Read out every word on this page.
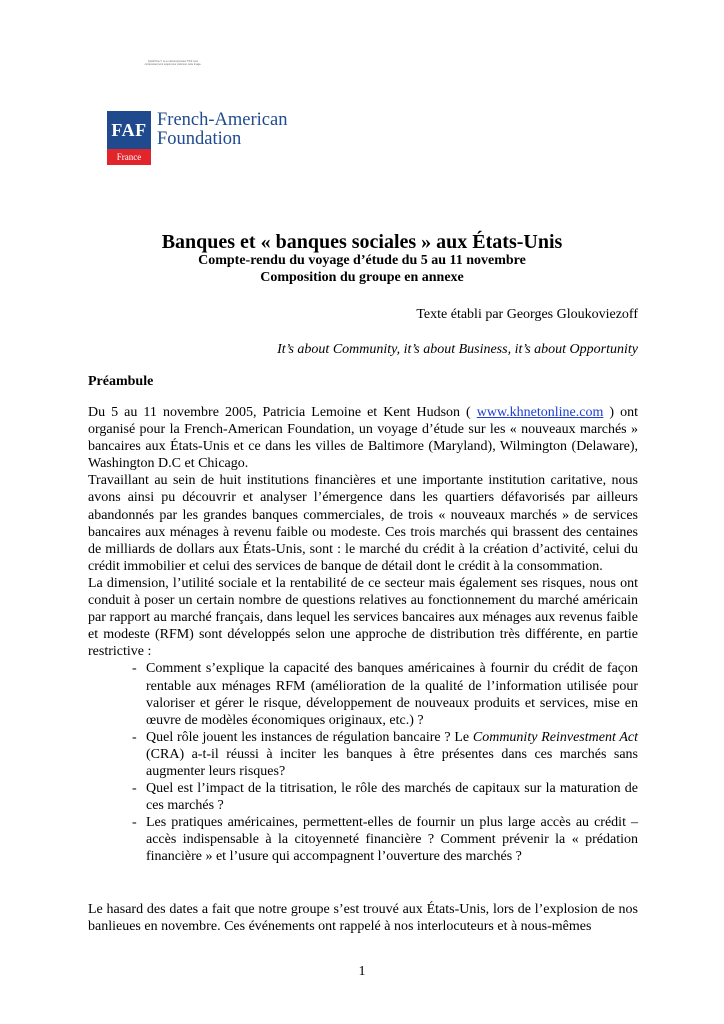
QuickTime™ et un décompresseur TIFF (non compressé) sont requis pour visionner cette image.
FAF
France
French-American
Foundation
Banques et « banques sociales » aux États-Unis
Compte-rendu du voyage d’étude du 5 au 11 novembre
Composition du groupe en annexe
Texte établi par Georges Gloukoviezoff
It’s about Community, it’s about Business, it’s about Opportunity
Préambule

Du 5 au 11 novembre 2005, Patricia Lemoine et Kent Hudson ( www.khnetonline.com ) ont organisé pour la French-American Foundation, un voyage d’étude sur les « nouveaux marchés » bancaires aux États-Unis et ce dans les villes de Baltimore (Maryland), Wilmington (Delaware), Washington D.C et Chicago.

Travaillant au sein de huit institutions financières et une importante institution caritative, nous avons ainsi pu découvrir et analyser l’émergence dans les quartiers défavorisés par ailleurs abandonnés par les grandes banques commerciales, de trois « nouveaux marchés » de services bancaires aux ménages à revenu faible ou modeste. Ces trois marchés qui brassent des centaines de milliards de dollars aux États-Unis, sont : le marché du crédit à la création d’activité, celui du crédit immobilier et celui des services de banque de détail dont le crédit à la consommation.

La dimension, l’utilité sociale et la rentabilité de ce secteur mais également ses risques, nous ont conduit à poser un certain nombre de questions relatives au fonctionnement du marché américain par rapport au marché français, dans lequel les services bancaires aux ménages aux revenus faible et modeste (RFM) sont développés selon une approche de distribution très différente, en partie restrictive :

- Comment s’explique la capacité des banques américaines à fournir du crédit de façon rentable aux ménages RFM (amélioration de la qualité de l’information utilisée pour valoriser et gérer le risque, développement de nouveaux produits et services, mise en œuvre de modèles économiques originaux, etc.) ?
- Quel rôle jouent les instances de régulation bancaire ? Le Community Reinvestment Act (CRA) a-t-il réussi à inciter les banques à être présentes dans ces marchés sans augmenter leurs risques?
- Quel est l’impact de la titrisation, le rôle des marchés de capitaux sur la maturation de ces marchés ?
- Les pratiques américaines, permettent-elles de fournir un plus large accès au crédit – accès indispensable à la citoyenneté financière ? Comment prévenir la « prédation financière » et l’usure qui accompagnent l’ouverture des marchés ?
Le hasard des dates a fait que notre groupe s’est trouvé aux États-Unis, lors de l’explosion de nos banlieues en novembre. Ces événements ont rappelé à nos interlocuteurs et à nous-mêmes
1
